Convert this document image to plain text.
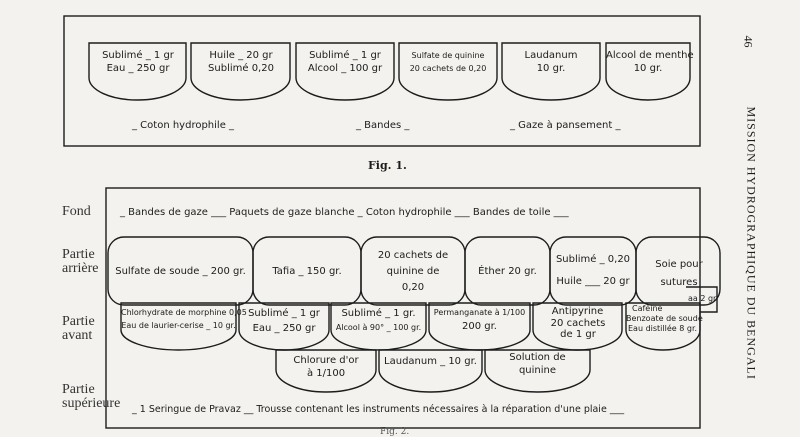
Sublimé _ 1 gr
Eau _ 250 gr
Huile _ 20 gr
Sublimé 0,20
Sublimé _ 1 gr
Alcool _ 100 gr
Sulfate de quinine
20 cachets de 0,20
Laudanum
10 gr.
Alcool de menthe
10 gr.
_ Coton hydrophile _	_ Bandes _	_ Gaze à pansement _
Fig. 1.
Fond
Partie arrière
Partie avant
Partie supérieure
_ Bandes de gaze ___ Paquets de gaze blanche _ Coton hydrophile ___ Bandes de toile ___
Sulfate de soude _ 200 gr.	Tafia _ 150 gr.
20 cachets de quinine de 0,20
Éther 20 gr.
Sublimé _ 0,20
Huile ___ 20 gr
Soie pour sutures
Chlorhydrate de morphine 0,05
Eau de laurier-cerise _ 10 gr.
Sublimé _ 1 gr
Eau _ 250 gr
Sublimé _ 1 gr.
Alcool à 90° _ 100 gr.
Permanganate à 1/100
200 gr.
Antipyrine
20 cachets de 1 gr
Caféine
Benzoate de soude
Eau distillée 8 gr.
aa 2 gr
Chlorure d'or
à 1/100
Laudanum _ 10 gr.	Solution de
quinine
_ 1 Seringue de Pravaz __ Trousse contenant les instruments nécessaires à la réparation d'une plaie ___
MISSION HYDROGRAPHIQUE DU BENGALI
46
Fig. 2.
